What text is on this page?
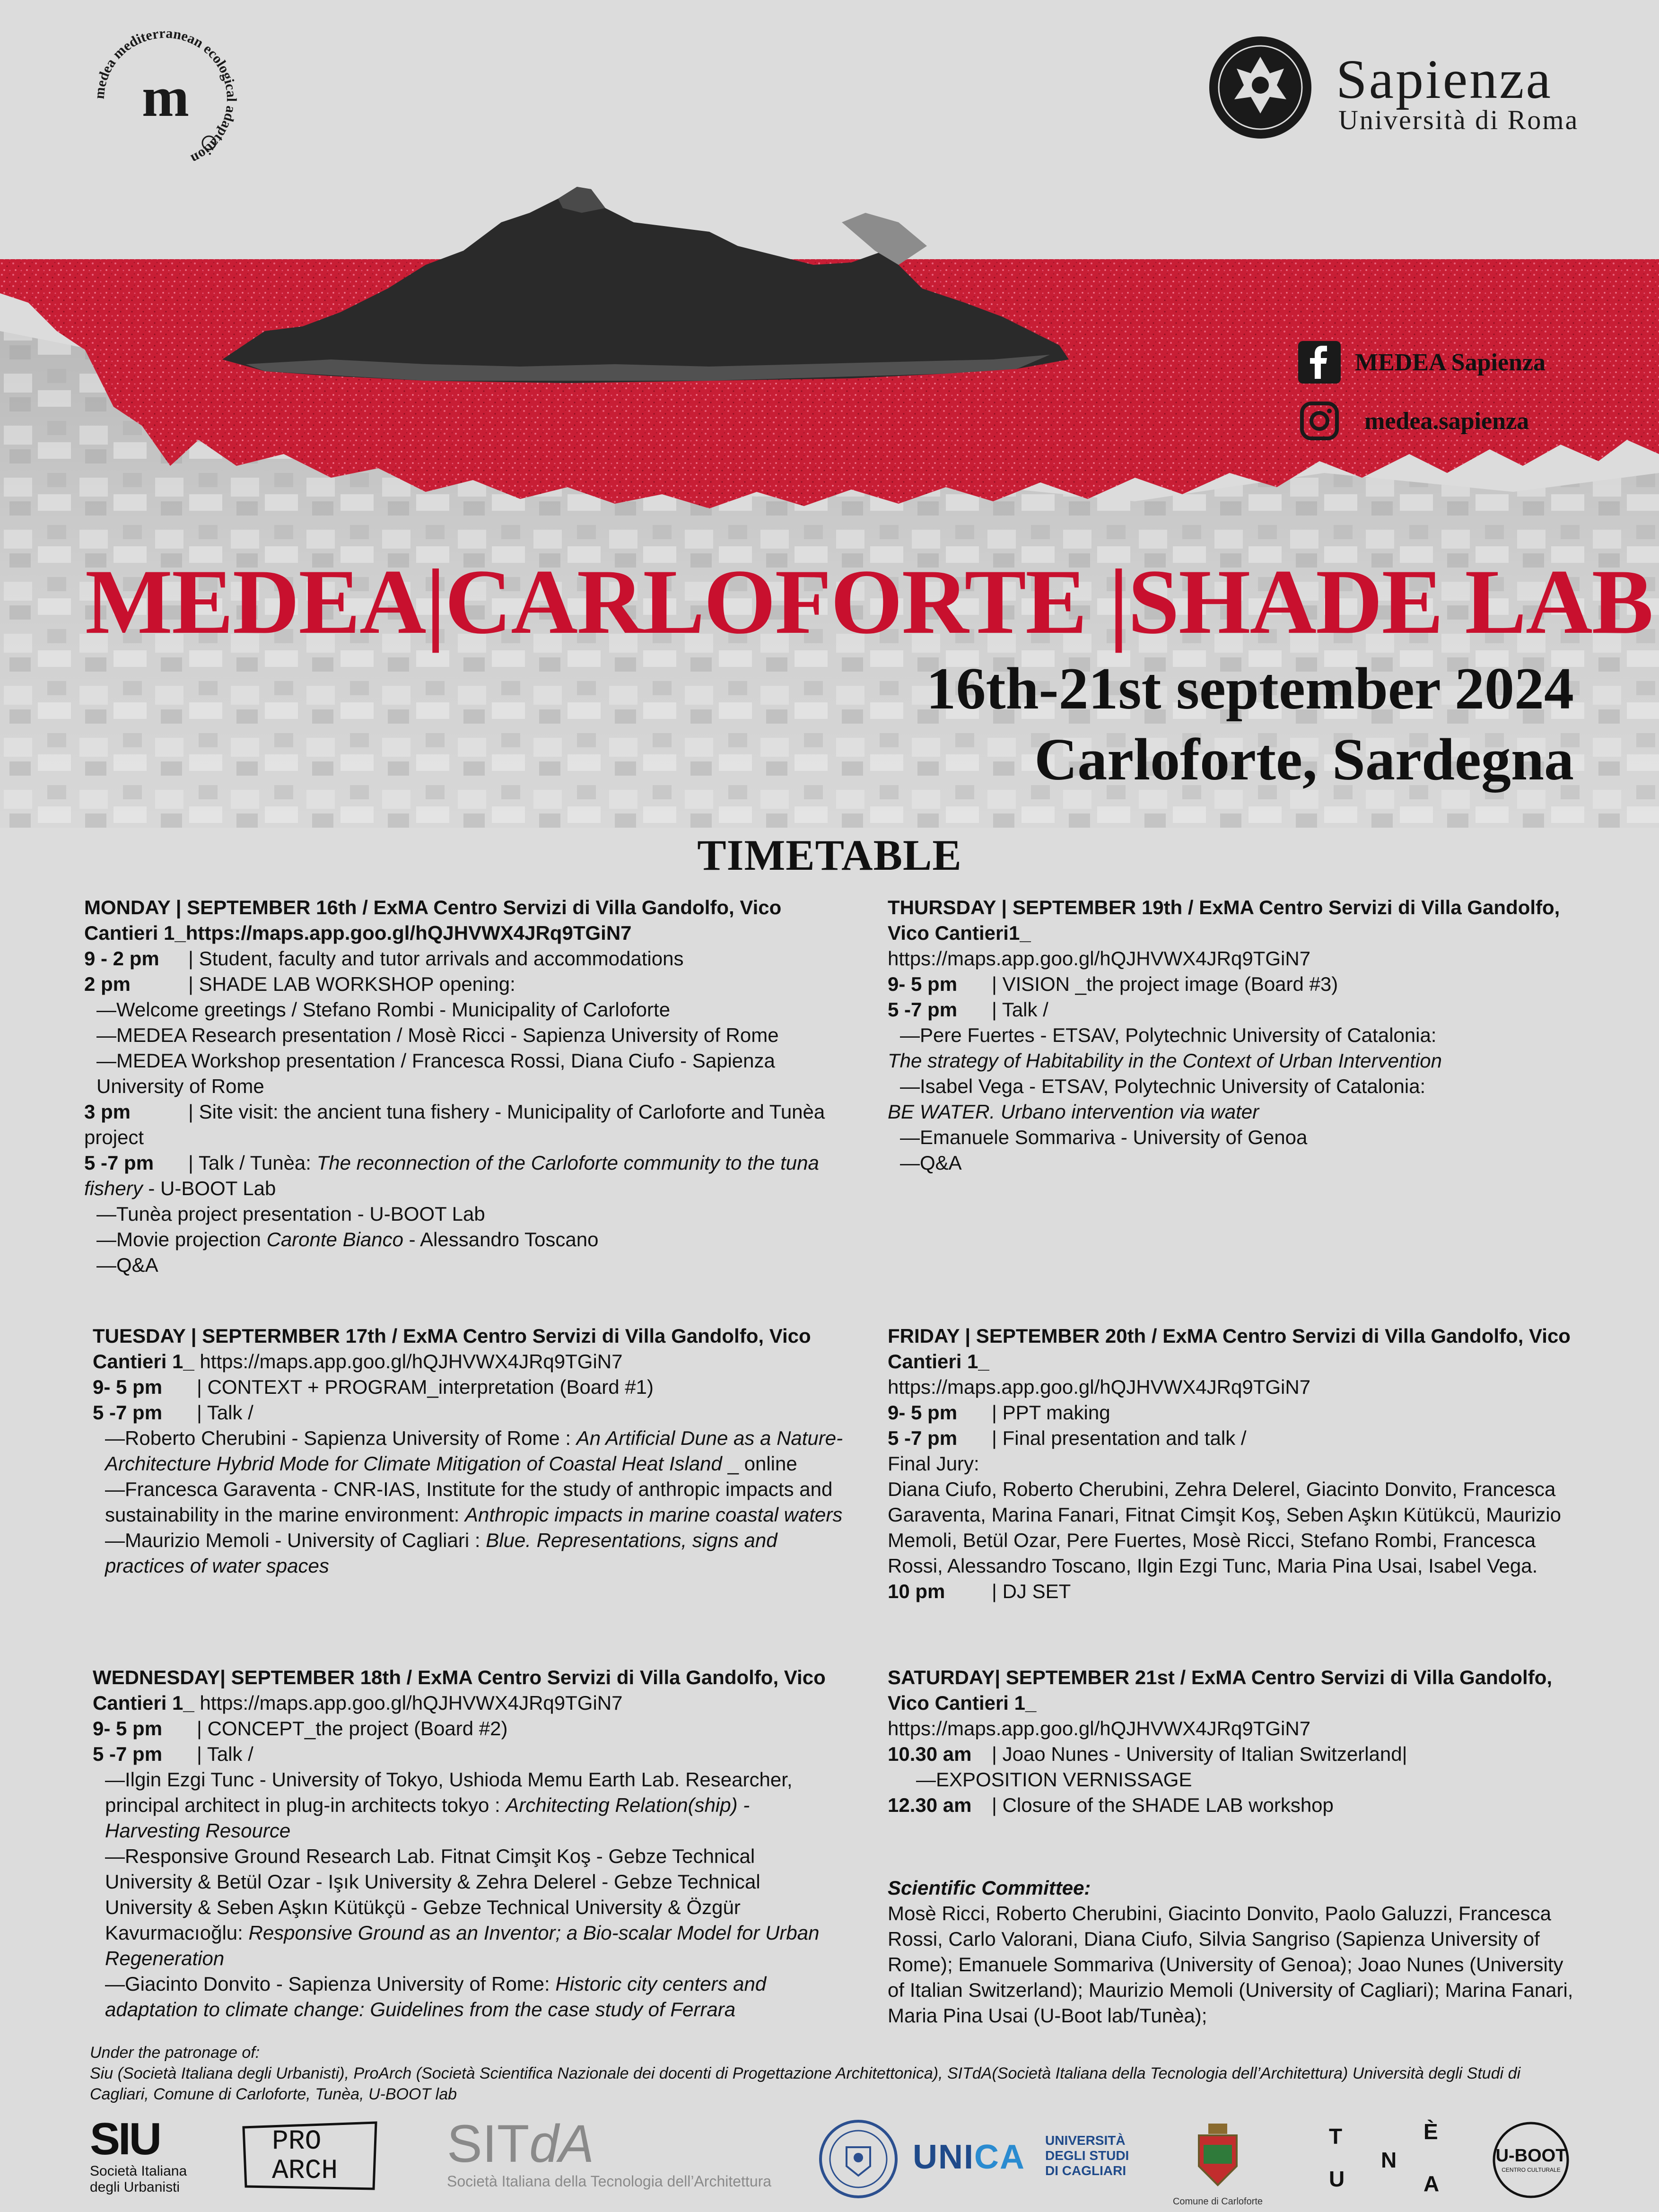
medea mediterranean ecological adaptation
m	Sapienza
Università di Roma
MEDEA Sapienza
medea.sapienza
MEDEA|CARLOFORTE |SHADE LAB
16th-21st september 2024
Carloforte, Sardegna
TIMETABLE

MONDAY | SEPTEMBER 16th / ExMA Centro Servizi di Villa Gandolfo, Vico Cantieri 1_https://maps.app.goo.gl/hQJHVWX4JRq9TGiN7

9 - 2 pm | Student, faculty and tutor arrivals and accommodations

2 pm	| SHADE LAB WORKSHOP opening:

—Welcome greetings / Stefano Rombi - Municipality of Carloforte

—MEDEA Research presentation / Mosè Ricci - Sapienza University of Rome

—MEDEA Workshop presentation / Francesca Rossi, Diana Ciufo - Sapienza University of Rome

3 pm	| Site visit: the ancient tuna fishery - Municipality of Carloforte and Tunèa project

5 -7 pm | Talk / Tunèa: The reconnection of the Carloforte community to the tuna fishery - U-BOOT Lab

—Tunèa project presentation - U-BOOT Lab

—Movie projection Caronte Bianco - Alessandro Toscano

—Q&A

TUESDAY | SEPTERMBER 17th / ExMA Centro Servizi di Villa Gandolfo, Vico Cantieri 1_ https://maps.app.goo.gl/hQJHVWX4JRq9TGiN7

9- 5 pm | CONTEXT + PROGRAM_interpretation (Board #1)

5 -7 pm | Talk /

—Roberto Cherubini - Sapienza University of Rome : An Artificial Dune as a Nature-Architecture Hybrid Mode for Climate Mitigation of Coastal Heat Island _ online

—Francesca Garaventa - CNR-IAS, Institute for the study of anthropic impacts and sustainability in the marine environment: Anthropic impacts in marine coastal waters

—Maurizio Memoli - University of Cagliari : Blue. Representations, signs and practices of water spaces

WEDNESDAY| SEPTEMBER 18th / ExMA Centro Servizi di Villa Gandolfo, Vico Cantieri 1_ https://maps.app.goo.gl/hQJHVWX4JRq9TGiN7

9- 5 pm | CONCEPT_the project (Board #2)

5 -7 pm | Talk /

—Ilgin Ezgi Tunc - University of Tokyo, Ushioda Memu Earth Lab. Researcher, principal architect in plug-in architects tokyo : Architecting Relation(ship) - Harvesting Resource

—Responsive Ground Research Lab. Fitnat Cimşit Koş - Gebze Technical University & Betül Ozar - Işık University & Zehra Delerel - Gebze Technical University & Seben Aşkın Kütükçü - Gebze Technical University & Özgür Kavurmacıoğlu: Responsive Ground as an Inventor; a Bio-scalar Model for Urban Regeneration

—Giacinto Donvito - Sapienza University of Rome: Historic city centers and adaptation to climate change: Guidelines from the case study of Ferrara

THURSDAY | SEPTEMBER 19th / ExMA Centro Servizi di Villa Gandolfo, Vico Cantieri1_

https://maps.app.goo.gl/hQJHVWX4JRq9TGiN7

9- 5 pm | VISION _the project image (Board #3)

5 -7 pm | Talk /

—Pere Fuertes - ETSAV, Polytechnic University of Catalonia:

The strategy of Habitability in the Context of Urban Intervention

—Isabel Vega - ETSAV, Polytechnic University of Catalonia:

BE WATER. Urbano intervention via water

—Emanuele Sommariva - University of Genoa

—Q&A

FRIDAY | SEPTEMBER 20th / ExMA Centro Servizi di Villa Gandolfo, Vico Cantieri 1_

https://maps.app.goo.gl/hQJHVWX4JRq9TGiN7

9- 5 pm | PPT making

5 -7 pm | Final presentation and talk /

Final Jury:

Diana Ciufo, Roberto Cherubini, Zehra Delerel, Giacinto Donvito, Francesca Garaventa, Marina Fanari, Fitnat Cimşit Koş, Seben Aşkın Kütükcü, Maurizio Memoli, Betül Ozar, Pere Fuertes, Mosè Ricci, Stefano Rombi, Francesca Rossi, Alessandro Toscano, Ilgin Ezgi Tunc, Maria Pina Usai, Isabel Vega.

10 pm | DJ SET

SATURDAY| SEPTEMBER 21st / ExMA Centro Servizi di Villa Gandolfo, Vico Cantieri 1_

https://maps.app.goo.gl/hQJHVWX4JRq9TGiN7

10.30 am | Joao Nunes - University of Italian Switzerland|

—EXPOSITION VERNISSAGE

12.30 am | Closure of the SHADE LAB workshop

Scientific Committee:

Mosè Ricci, Roberto Cherubini, Giacinto Donvito, Paolo Galuzzi, Francesca Rossi, Carlo Valorani, Diana Ciufo, Silvia Sangriso (Sapienza University of Rome); Emanuele Sommariva (University of Genoa); Joao Nunes (University of Italian Switzerland); Maurizio Memoli (University of Cagliari); Marina Fanari, Maria Pina Usai (U-Boot lab/Tunèa);

Under the patronage of:
Siu (Società Italiana degli Urbanisti), ProArch (Società Scientifica Nazionale dei docenti di Progettazione Architettonica), SITdA(Società Italiana della Tecnologia dell’Architettura) Università degli Studi di Cagliari, Comune di Carloforte, Tunèa, U-BOOT lab
SIU
Società Italiana
degli Urbanisti
PRO
ARCH SITdA
Società Italiana della Tecnologia dell’Architettura
UNICA UNIVERSITÀ
DEGLI STUDI
DI CAGLIARI
Comune di Carloforte
T
U
N
È
A
U-BOOT
CENTRO CULTURALE
